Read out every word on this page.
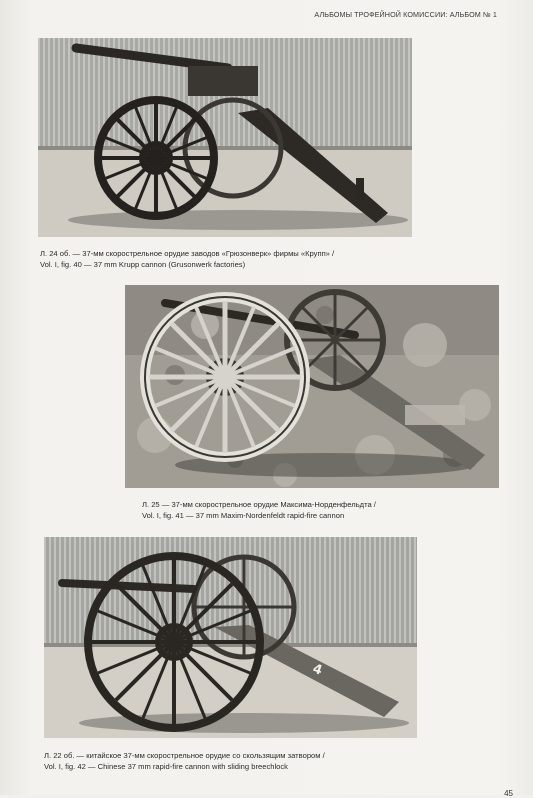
АЛЬБОМЫ ТРОФЕЙНОЙ КОМИССИИ: АЛЬБОМ № 1
Л. 24 об. — 37-мм скорострельное орудие заводов «Грюзонверк» фирмы «Крупп» /
Vol. I, fig. 40 — 37 mm Krupp cannon (Grusonwerk factories)
Л. 25 — 37-мм скорострельное орудие Максима-Норденфельдта /
Vol. I, fig. 41 — 37 mm Maxim-Nordenfeldt rapid-fire cannon
4
Л. 22 об. — китайское 37-мм скорострельное орудие со скользящим затвором /
Vol. I, fig. 42 — Chinese 37 mm rapid-fire cannon with sliding breechlock
45
